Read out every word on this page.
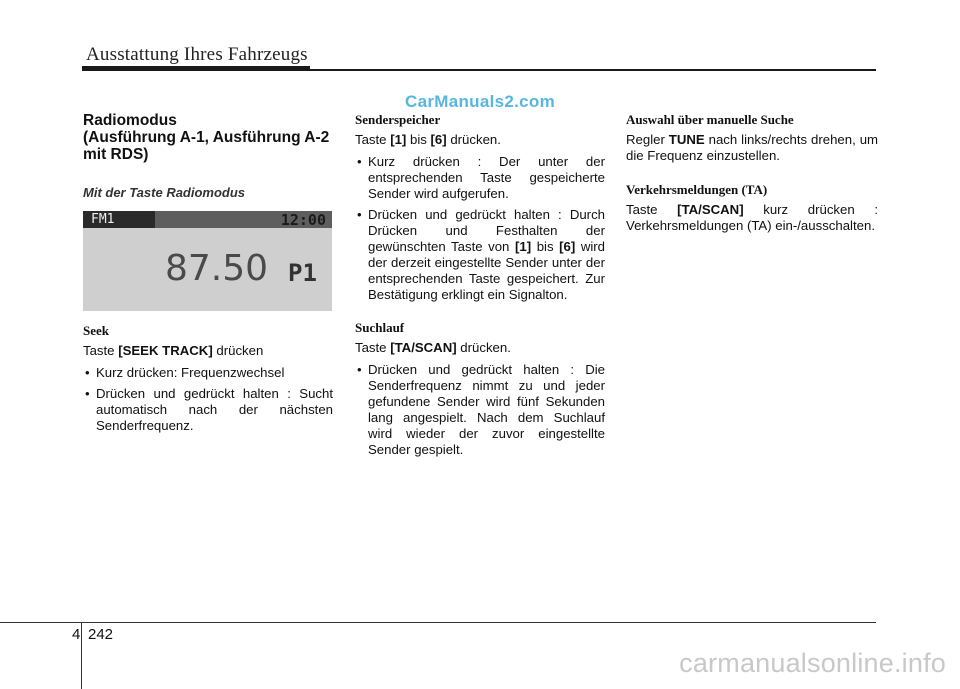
Ausstattung Ihres Fahrzeugs
CarManuals2.com

Radiomodus
(Ausführung A-1, Ausführung A-2
mit RDS)

Mit der Taste Radiomodus

FM1	12:00
87.50 P1

Seek

Taste [SEEK TRACK] drücken

• Kurz drücken: Frequenzwechsel
• Drücken und gedrückt halten : Sucht automatisch nach der nächsten Senderfrequenz.

Senderspeicher

Taste [1] bis [6] drücken.

• Kurz drücken : Der unter der entsprechenden Taste gespeicherte Sender wird aufgerufen.
• Drücken und gedrückt halten : Durch Drücken und Festhalten der gewünschten Taste von [1] bis [6] wird der derzeit eingestellte Sender unter der entsprechenden Taste gespeichert. Zur Bestätigung erklingt ein Signalton.

Suchlauf

Taste [TA/SCAN] drücken.

• Drücken und gedrückt halten : Die Senderfrequenz nimmt zu und jeder gefundene Sender wird fünf Sekunden lang angespielt. Nach dem Suchlauf wird wieder der zuvor eingestellte Sender gespielt.

Auswahl über manuelle Suche

Regler TUNE nach links/rechts drehen, um die Frequenz einzustellen.

Verkehrsmeldungen (TA)

Taste [TA/SCAN] kurz drücken : Verkehrsmeldungen (TA) ein-/ausschalten.

4 242
carmanualsonline.info
